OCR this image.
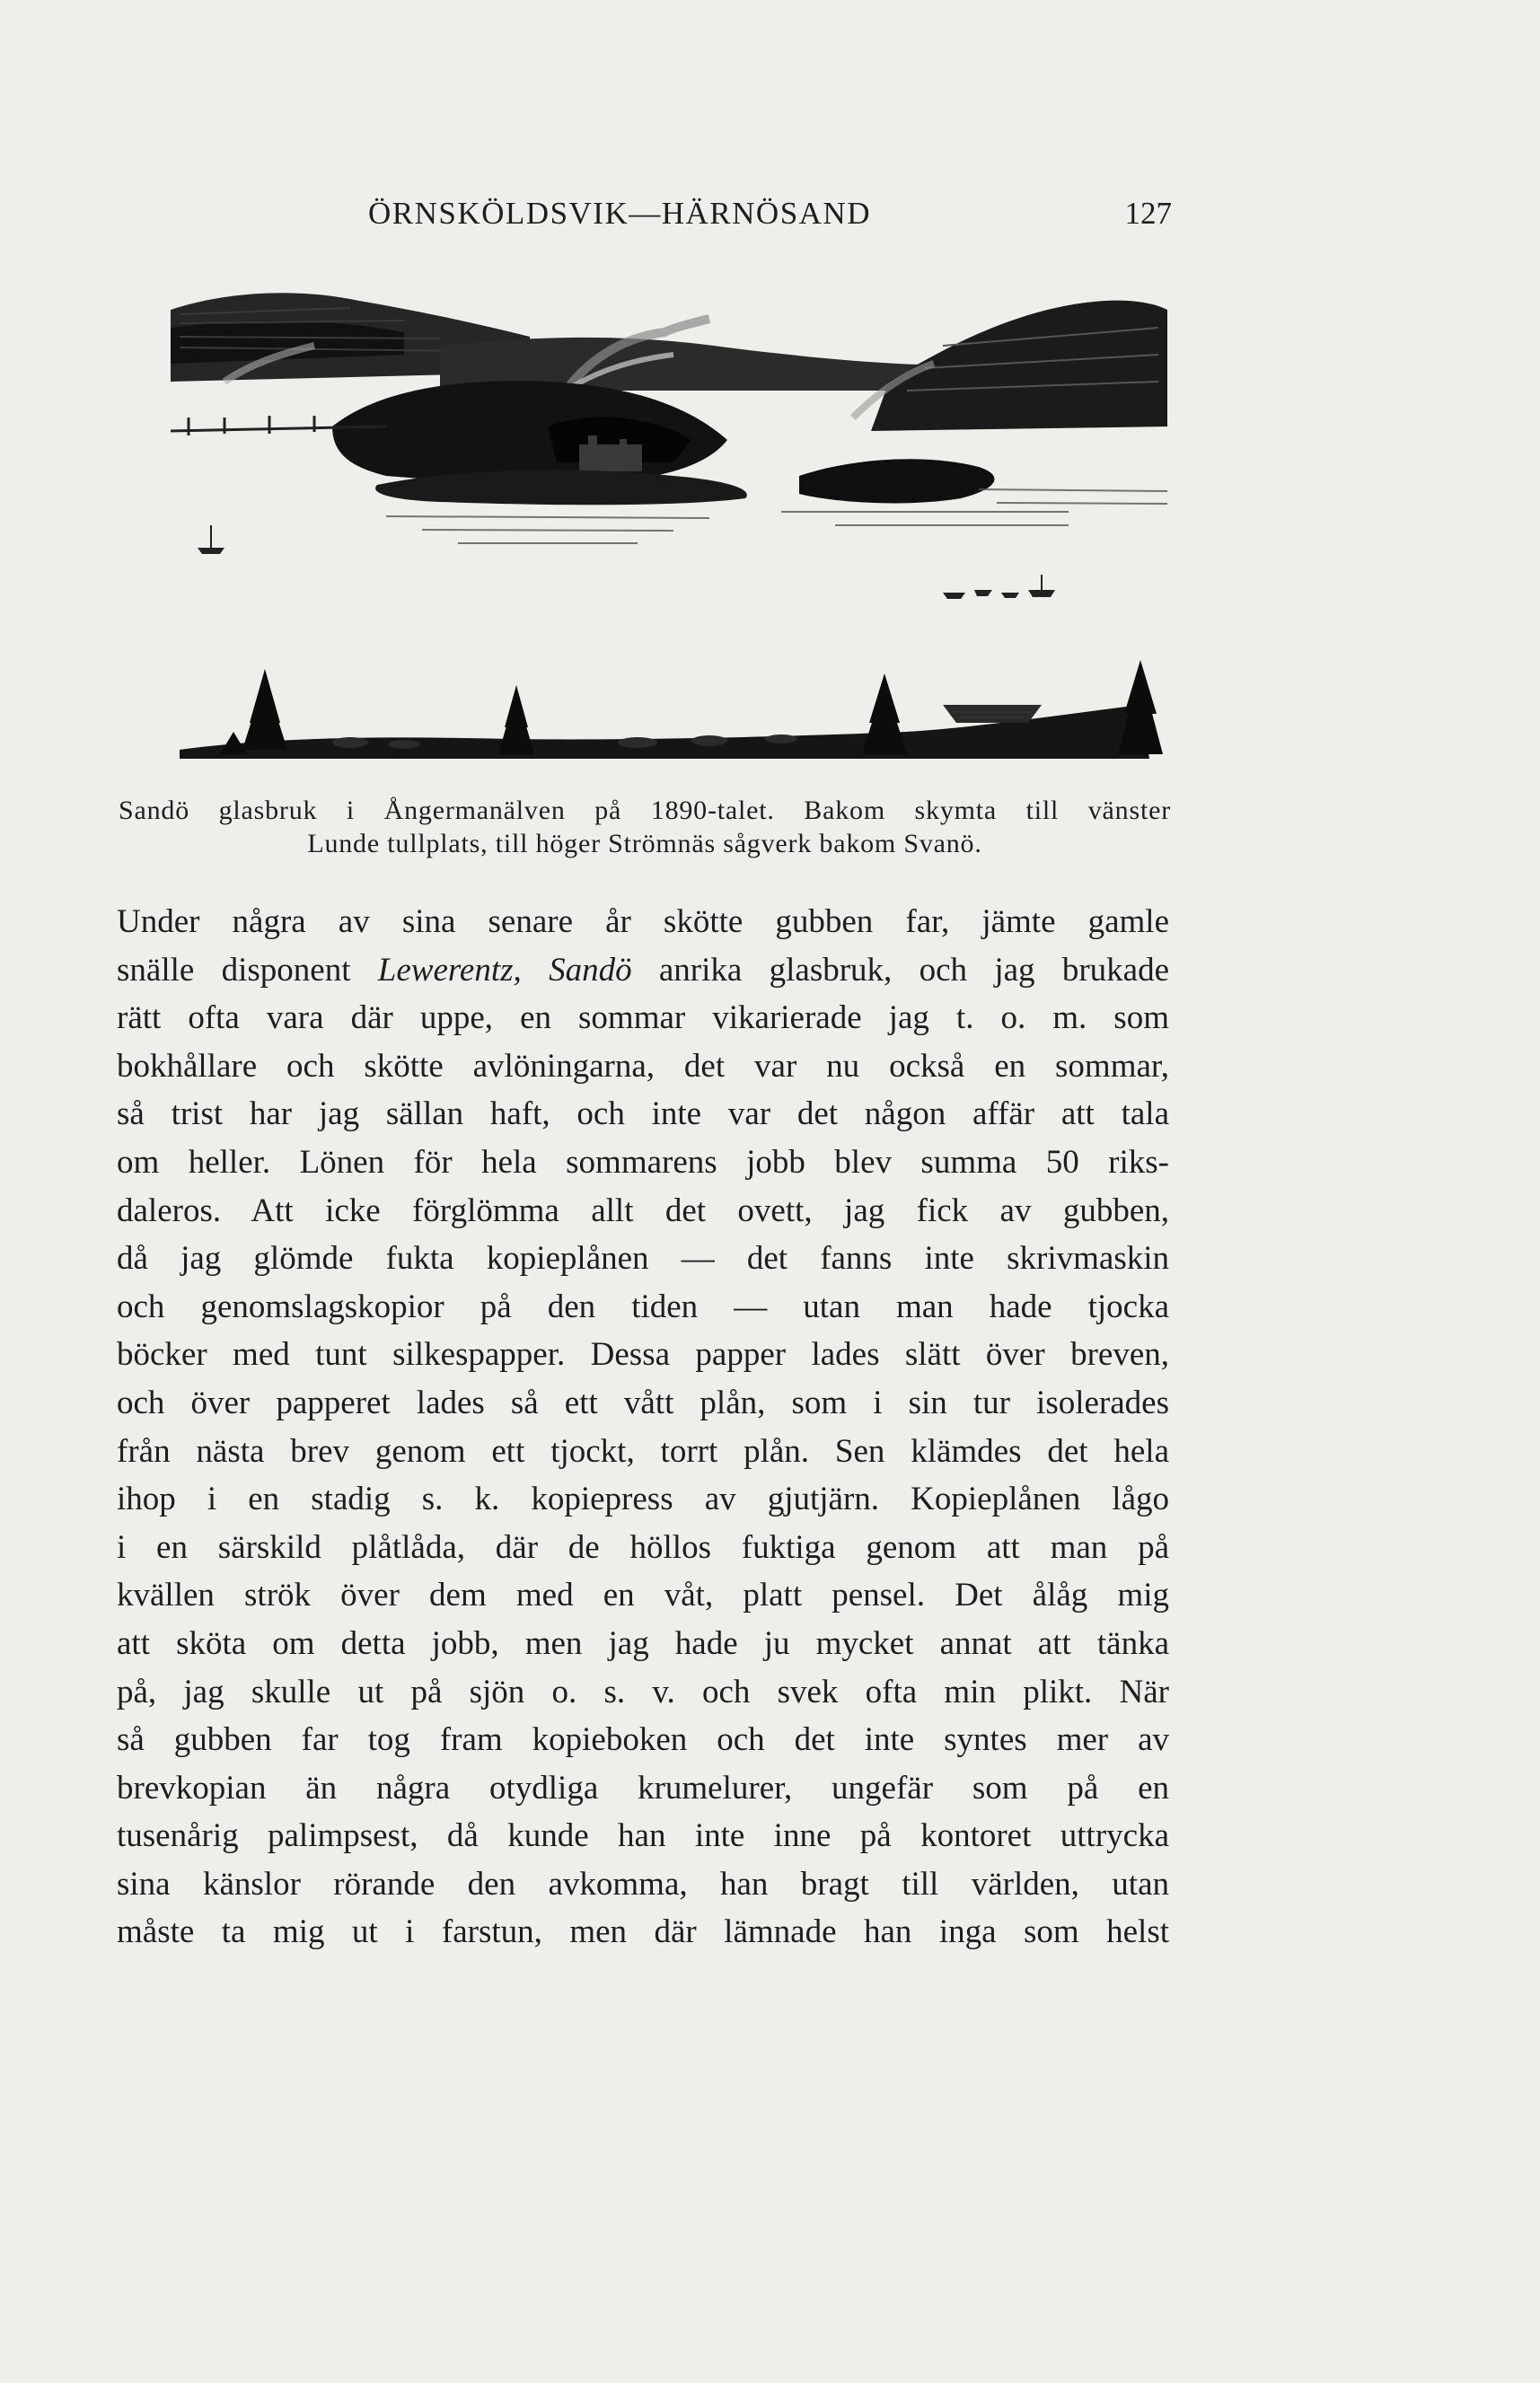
ÖRNSKÖLDSVIK—HÄRNÖSAND	127
Sandö glasbruk i Ångermanälven på 1890-talet. Bakom skymta till vänster
Lunde tullplats, till höger Strömnäs sågverk bakom Svanö.
Under några av sina senare år skötte gubben far, jämte gamle
snälle disponent Lewerentz, Sandö anrika glasbruk, och jag brukade
rätt ofta vara där uppe, en sommar vikarierade jag t. o. m. som
bokhållare och skötte avlöningarna, det var nu också en sommar,
så trist har jag sällan haft, och inte var det någon affär att tala
om heller. Lönen för hela sommarens jobb blev summa 50 riks-
daleros. Att icke förglömma allt det ovett, jag fick av gubben,
då jag glömde fukta kopieplånen — det fanns inte skrivmaskin
och genomslagskopior på den tiden — utan man hade tjocka
böcker med tunt silkespapper. Dessa papper lades slätt över breven,
och över papperet lades så ett vått plån, som i sin tur isolerades
från nästa brev genom ett tjockt, torrt plån. Sen klämdes det hela
ihop i en stadig s. k. kopiepress av gjutjärn. Kopieplånen lågo
i en särskild plåtlåda, där de höllos fuktiga genom att man på
kvällen strök över dem med en våt, platt pensel. Det ålåg mig
att sköta om detta jobb, men jag hade ju mycket annat att tänka
på, jag skulle ut på sjön o. s. v. och svek ofta min plikt. När
så gubben far tog fram kopieboken och det inte syntes mer av
brevkopian än några otydliga krumelurer, ungefär som på en
tusenårig palimpsest, då kunde han inte inne på kontoret uttrycka
sina känslor rörande den avkomma, han bragt till världen, utan
måste ta mig ut i farstun, men där lämnade han inga som helst
